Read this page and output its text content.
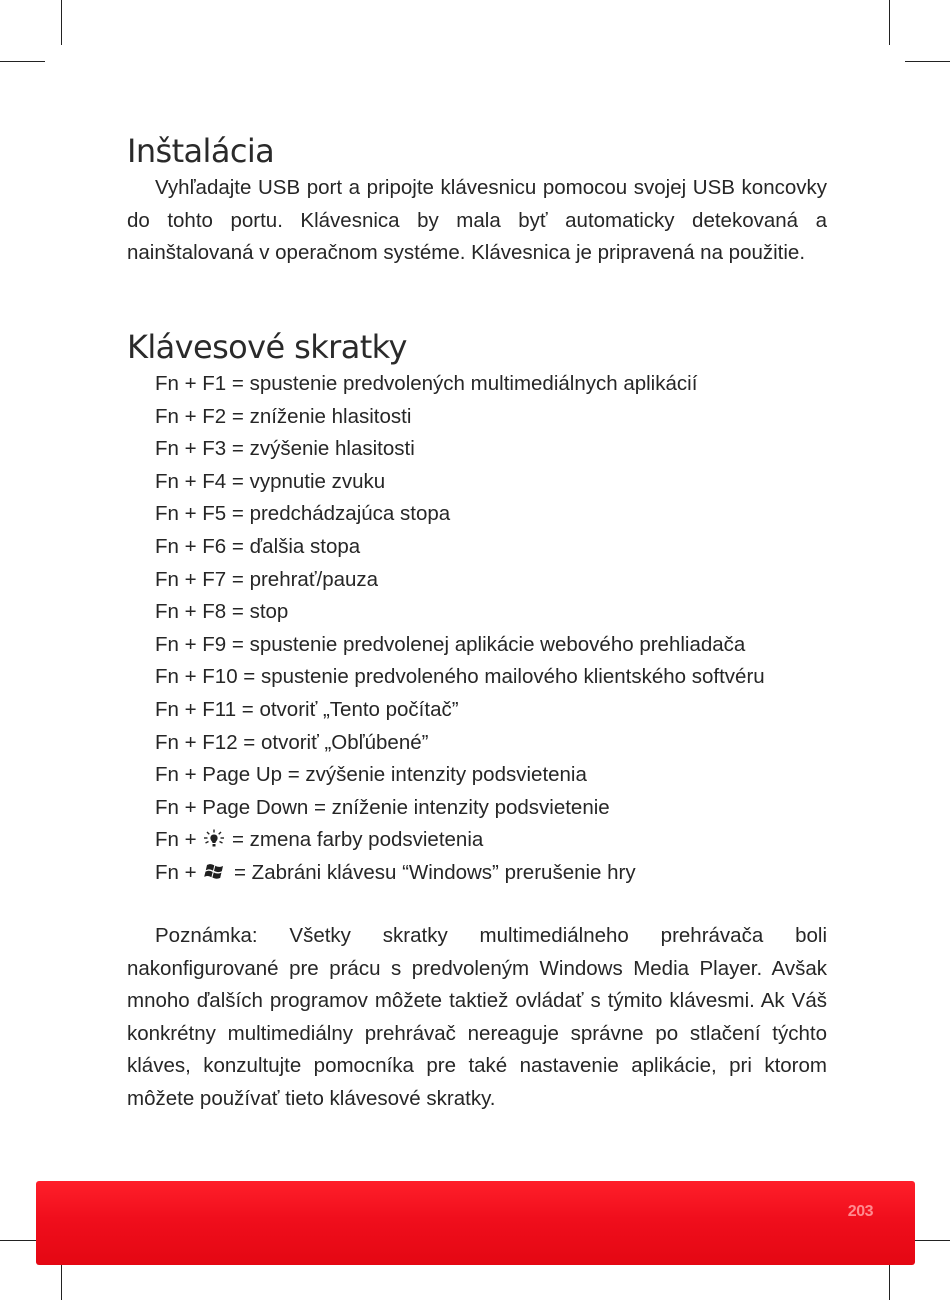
Inštalácia

Vyhľadajte USB port a pripojte klávesnicu pomocou svojej USB koncovky do tohto portu. Klávesnica by mala byť automaticky detekovaná a nainštalovaná v operačnom systéme. Klávesnica je pripravená na použitie.

Klávesové skratky
Fn + F1 = spustenie predvolených multimediálnych aplikácií
Fn + F2 = zníženie hlasitosti
Fn + F3 = zvýšenie hlasitosti
Fn + F4 = vypnutie zvuku
Fn + F5 = predchádzajúca stopa
Fn + F6 = ďalšia stopa
Fn + F7 = prehrať/pauza
Fn + F8 = stop
Fn + F9 = spustenie predvolenej aplikácie webového prehliadača
Fn + F10 = spustenie predvoleného mailového klientského softvéru
Fn + F11 = otvoriť „Tento počítač”
Fn + F12 = otvoriť „Obľúbené”
Fn + Page Up = zvýšenie intenzity podsvietenia
Fn + Page Down = zníženie intenzity podsvietenie
Fn + = zmena farby podsvietenia
Fn + = Zabráni klávesu “Windows” prerušenie hry

Poznámka: Všetky skratky multimediálneho prehrávača boli nakonfigurované pre prácu s predvoleným Windows Media Player. Avšak mnoho ďalších programov môžete taktiež ovládať s týmito klávesmi. Ak Váš konkrétny multimediálny prehrávač nereaguje správne po stlačení týchto kláves, konzultujte pomocníka pre také nastavenie aplikácie, pri ktorom môžete používať tieto klávesové skratky.

203
